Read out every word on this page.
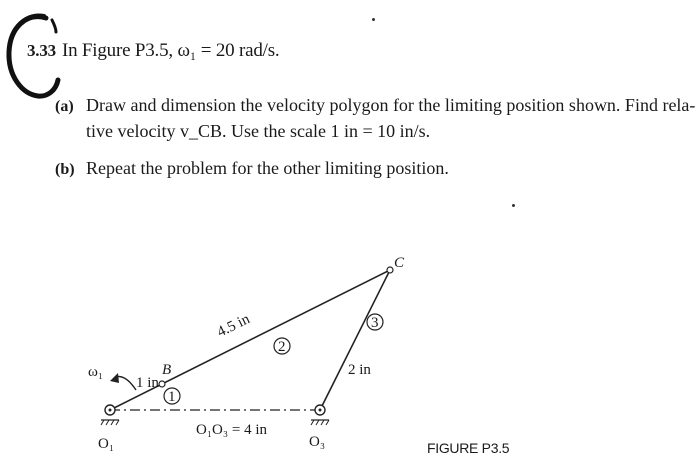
3.33 In Figure P3.5, ω₁ = 20 rad/s.
(a) Draw and dimension the velocity polygon for the limiting position shown. Find rela-
tive velocity v_CB. Use the scale 1 in = 10 in/s.
(b) Repeat the problem for the other limiting position.
1
2
3
C
B
ω₁
1 in
4.5 in
2 in
O₁O₃ = 4 in
O₁	O₃	FIGURE P3.5
